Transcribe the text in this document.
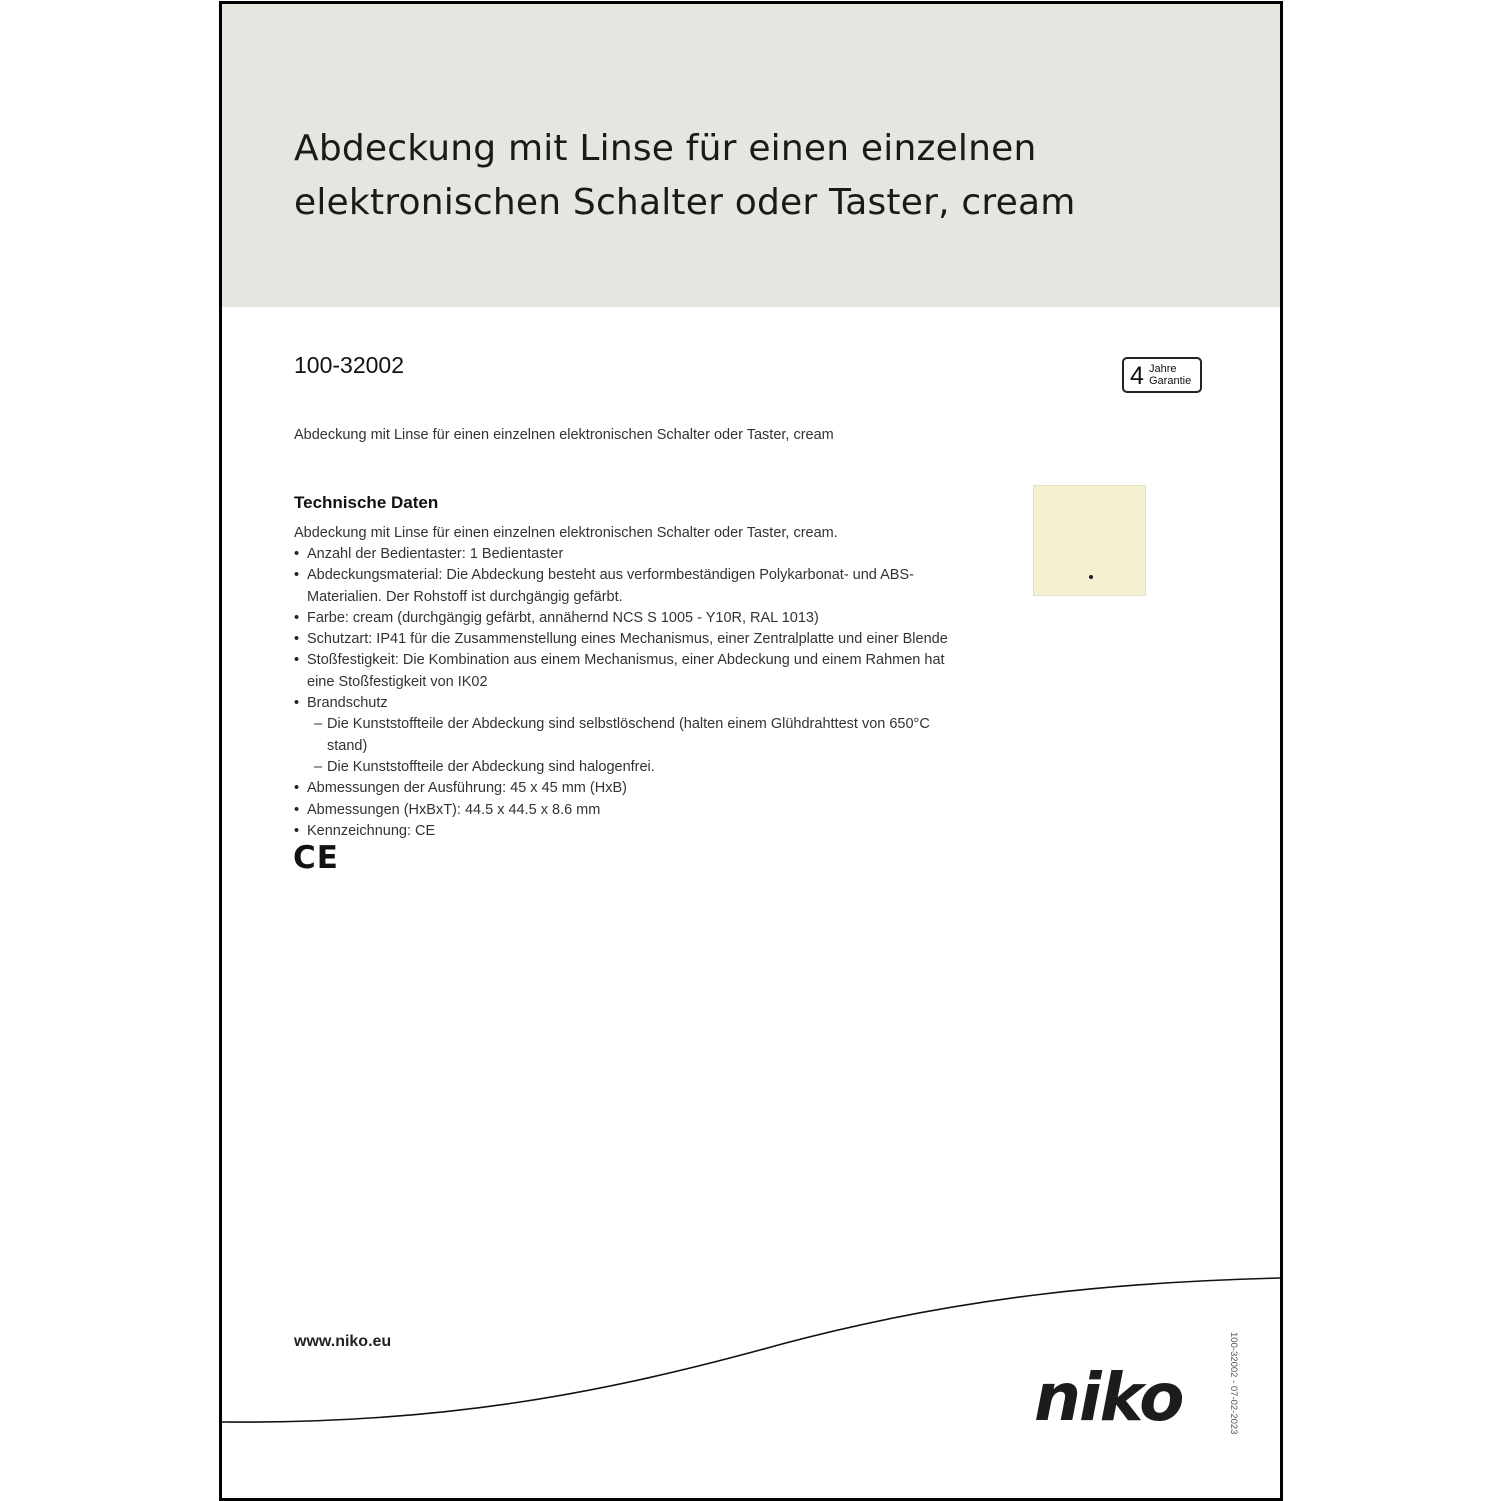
Abdeckung mit Linse für einen einzelnen
elektronischen Schalter oder Taster, cream
100-32002	4 Jahre
Garantie
Abdeckung mit Linse für einen einzelnen elektronischen Schalter oder Taster, cream
Technische Daten
Abdeckung mit Linse für einen einzelnen elektronischen Schalter oder Taster, cream.
• Anzahl der Bedientaster: 1 Bedientaster
• Abdeckungsmaterial: Die Abdeckung besteht aus verformbeständigen Polykarbonat- und ABS-Materialien. Der Rohstoff ist durchgängig gefärbt.
• Farbe: cream (durchgängig gefärbt, annähernd NCS S 1005 - Y10R, RAL 1013)
• Schutzart: IP41 für die Zusammenstellung eines Mechanismus, einer Zentralplatte und einer Blende
• Stoßfestigkeit: Die Kombination aus einem Mechanismus, einer Abdeckung und einem Rahmen hat eine Stoßfestigkeit von IK02
• Brandschutz
– Die Kunststoffteile der Abdeckung sind selbstlöschend (halten einem Glühdrahttest von 650°C stand)
– Die Kunststoffteile der Abdeckung sind halogenfrei.
• Abmessungen der Ausführung: 45 x 45 mm (HxB)
• Abmessungen (HxBxT): 44.5 x 44.5 x 8.6 mm
• Kennzeichnung: CE
CE
www.niko.eu
niko	100-32002 - 07-02-2023
